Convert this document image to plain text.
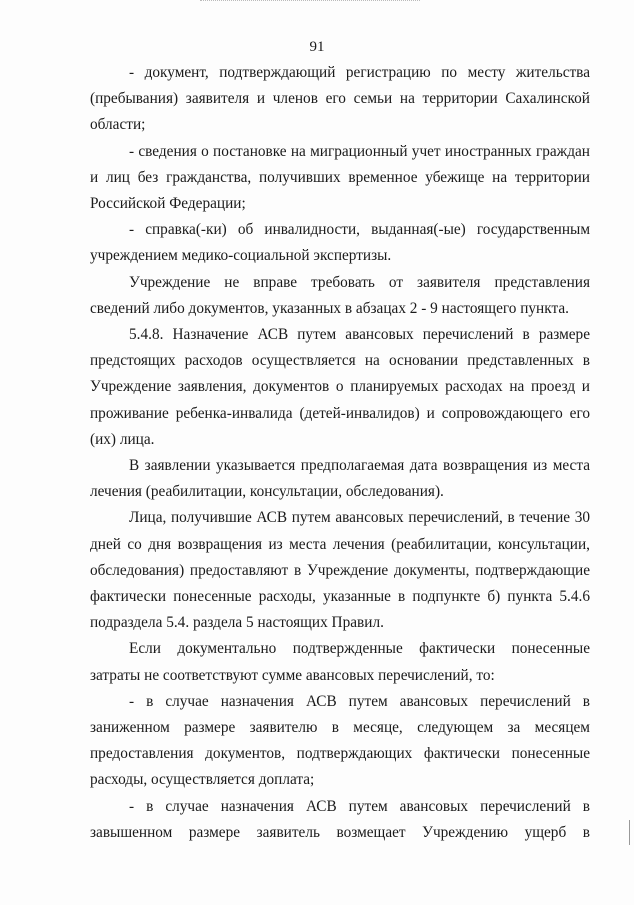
91

- документ, подтверждающий регистрацию по месту жительства (пребывания) заявителя и членов его семьи на территории Сахалинской области;

- сведения о постановке на миграционный учет иностранных граждан и лиц без гражданства, получивших временное убежище на территории Российской Федерации;

- справка(-ки) об инвалидности, выданная(-ые) государственным учреждением медико-социальной экспертизы.

Учреждение не вправе требовать от заявителя представления сведений либо документов, указанных в абзацах 2 - 9 настоящего пункта.

5.4.8. Назначение АСВ путем авансовых перечислений в размере предстоящих расходов осуществляется на основании представленных в Учреждение заявления, документов о планируемых расходах на проезд и проживание ребенка-инвалида (детей-инвалидов) и сопровождающего его (их) лица.

В заявлении указывается предполагаемая дата возвращения из места лечения (реабилитации, консультации, обследования).

Лица, получившие АСВ путем авансовых перечислений, в течение 30 дней со дня возвращения из места лечения (реабилитации, консультации, обследования) предоставляют в Учреждение документы, подтверждающие фактически понесенные расходы, указанные в подпункте б) пункта 5.4.6 подраздела 5.4. раздела 5 настоящих Правил.

Если документально подтвержденные фактически понесенные затраты не соответствуют сумме авансовых перечислений, то:

- в случае назначения АСВ путем авансовых перечислений в заниженном размере заявителю в месяце, следующем за месяцем предоставления документов, подтверждающих фактически понесенные расходы, осуществляется доплата;

- в случае назначения АСВ путем авансовых перечислений в завышенном размере заявитель возмещает Учреждению ущерб в
